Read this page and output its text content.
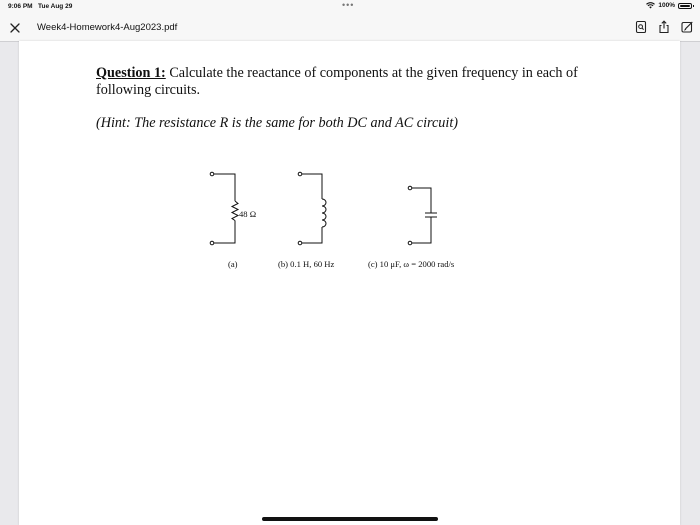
9:06 PM Tue Aug 29	•••	100%
Week4-Homework4-Aug2023.pdf
Question 1: Calculate the reactance of components at the given frequency in each of following circuits.
(Hint: The resistance R is the same for both DC and AC circuit)
48 Ω
(a)	(b) 0.1 H, 60 Hz	(c) 10 μF, ω = 2000 rad/s
